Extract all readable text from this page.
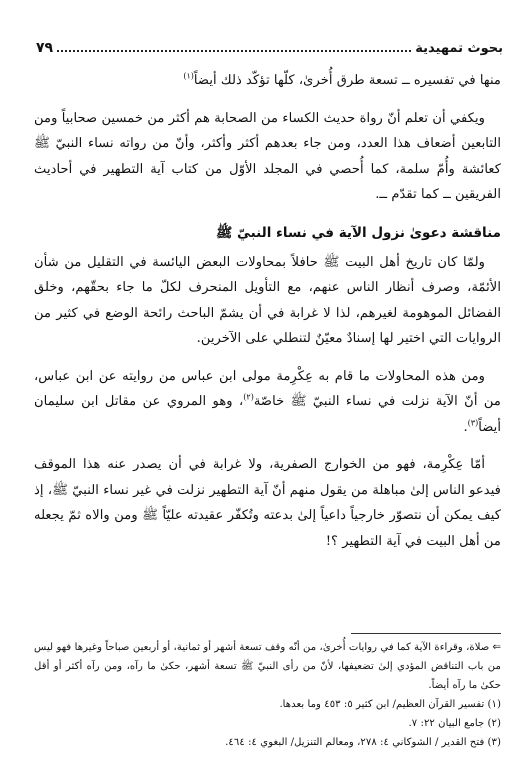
بحوث تمهيدية
٧٩

منها في تفسيره ــ تسعة طرق أُخرىٰ، كلّها تؤكّد ذلك أيضاً$^{(١)}$

ويكفي أن تعلم أنّ رواة حديث الكساء من الصحابة هم أكثر من خمسين صحابياً ومن التابعين أضعاف هذا العدد، ومن جاء بعدهم أكثر وأكثر، وأنّ من رواته نساء النبيّ ﷺ كعائشة وأُمّ سلمة، كما أُحصي في المجلد الأوّل من كتاب آية التطهير في أحاديث الفريقين ــ كما تقدّم ــ.

مناقشة دعوىٰ نزول الآية في نساء النبيّ ﷺ

ولمّا كان تاريخ أهل البيت ﷺ حافلاً بمحاولات البعض اليائسة في التقليل من شأن الأئمّة، وصرف أنظار الناس عنهم، مع التأويل المنحرف لكلّ ما جاء بحقّهم، وخلق الفضائل الموهومة لغيرهم، لذا لا غرابة في أن يشمّ الباحث رائحة الوضع في كثير من الروايات التي اختير لها إسنادٌ معيّنٌ لتنطلي على الآخرين.

ومن هذه المحاولات ما قام به عِكْرِمة مولى ابن عباس من روايته عن ابن عباس، من أنّ الآية نزلت في نساء النبيّ ﷺ خاصّة$^{(٢)}$، وهو المروي عن مقاتل ابن سليمان أيضاً$^{(٣)}$.

أمّا عِكْرِمة، فهو من الخوارج الصفرية، ولا غرابة في أن يصدر عنه هذا الموقف فيدعو الناس إلىٰ مباهلة من يقول منهم أنّ آية التطهير نزلت في غير نساء النبيّ ﷺ، إذ كيف يمكن أن نتصوّر خارجياً داعياً إلىٰ بدعته وتُكفّر عقيدته عليّاً ﷺ ومن والاه ثمّ يجعله من أهل البيت في آية التطهير ؟!

⇐صلاة، وقراءة الآية كما في روايات أُخرىٰ، من أنّه وقف تسعة أشهر أو ثمانية، أو أربعين صباحاً وغيرها فهو ليس من باب التناقض المؤدي إلىٰ تضعيفها، لأنّ من رأى النبيّ ﷺ تسعة أشهر، حكىٰ ما رآه، ومن رآه أكثر أو أقل حكىٰ ما رآه أيضاً.

(١) تفسير القرآن العظيم/ ابن كثير ٥: ٤٥٣ وما بعدها.

(٢) جامع البيان ٢٢: ٧.

(٣) فتح القدير / الشوكاني ٤: ٢٧٨، ومعالم التنزيل/ البغوي ٤: ٤٦٤.
